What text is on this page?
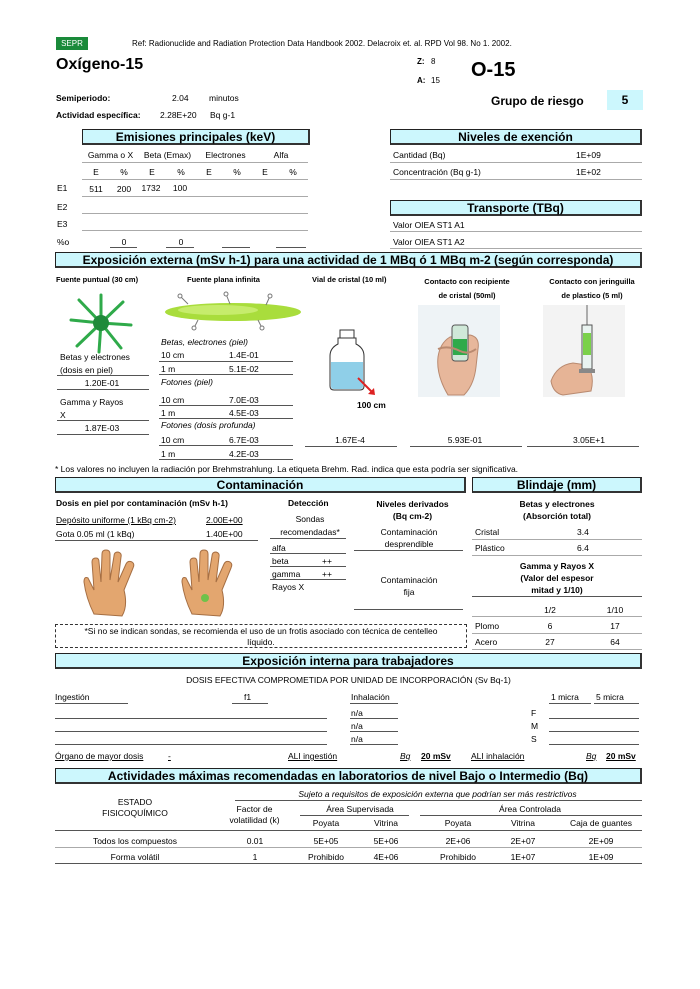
SEPR	Ref: Radionuclide and Radiation Protection Data Handbook 2002. Delacroix et. al. RPD Vol 98. No 1. 2002.
Oxígeno-15	Z: 8
A: 15 O-15
Semiperiodo:	2.04 minutos
Actividad específica: 2.28E+20 Bq g-1
Grupo de riesgo	5
Emisiones principales (keV)
Gamma o X	Beta (Emax)	Electrones	Alfa
E	%	E	%	E	%	E	%
E1	511	200	1732	100
E2
E3
%o	0	0
Niveles de exención
Cantidad (Bq)	1E+09
Concentración (Bq g-1)	1E+02
Transporte (TBq)
Valor OIEA ST1 A1
Valor OIEA ST1 A2
Exposición externa (mSv h-1) para una actividad de 1 MBq ó 1 MBq m-2 (según corresponda)
Fuente puntual (30 cm)	Fuente plana infinita	Vial de cristal (10 ml)	Contacto con recipiente
de cristal (50ml)
Contacto con jeringuilla
de plastico (5 ml)
Betas y electrones
(dosis en piel)
1.20E-01
Gamma y Rayos
X
1.87E-03
Betas, electrones (piel)
10 cm	1.4E-01
1 m	5.1E-02
Fotones (piel)
10 cm	7.0E-03
1 m	4.5E-03
Fotones (dosis profunda)
10 cm	6.7E-03
1 m	4.2E-03
100 cm
1.67E-4	5.93E-01	3.05E+1
* Los valores no incluyen la radiación por Brehmstrahlung. La etiqueta Brehm. Rad. indica que esta podría ser significativa.
Contaminación
Dosis en piel por contaminación (mSv h-1)
Depósito uniforme (1 kBq cm-2)	2.00E+00
Gota 0.05 ml (1 kBq)	1.40E+00
Detección
Sondas
recomendadas*
alfa
beta	++
gamma	++
Rayos X
Niveles derivados
(Bq cm-2)
Contaminación
desprendible
Contaminación
fija
*Si no se indican sondas, se recomienda el uso de un frotis asociado con técnica de centelleo
líquido.
Blindaje (mm)
Betas y electrones
(Absorción total)
Cristal	3.4
Plástico	6.4
Gamma y Rayos X
(Valor del espesor
mitad y 1/10)
1/2	1/10
Plomo	6	17
Acero	27	64
Exposición interna para trabajadores
DOSIS EFECTIVA COMPROMETIDA POR UNIDAD DE INCORPORACIÓN (Sv Bq-1)
Ingestión	f1	Inhalación	1 micra 5 micra
n/a	F
n/a	M
n/a	S
Órgano de mayor dosis	-	ALI ingestión	Bq 20 mSv ALI inhalación	Bq 20 mSv
Actividades máximas recomendadas en laboratorios de nivel Bajo o Intermedio (Bq)
Sujeto a requisitos de exposición externa que podrían ser más restrictivos
ESTADO
FISICOQUÍMICO	Factor de
volatilidad (k)
Área Supervisada	Área Controlada
Poyata	Vitrina	Poyata	Vitrina	Caja de guantes
Todos los compuestos	0.01	5E+05	5E+06	2E+06	2E+07	2E+09
Forma volátil	1	Prohibido	4E+06	Prohibido	1E+07	1E+09
